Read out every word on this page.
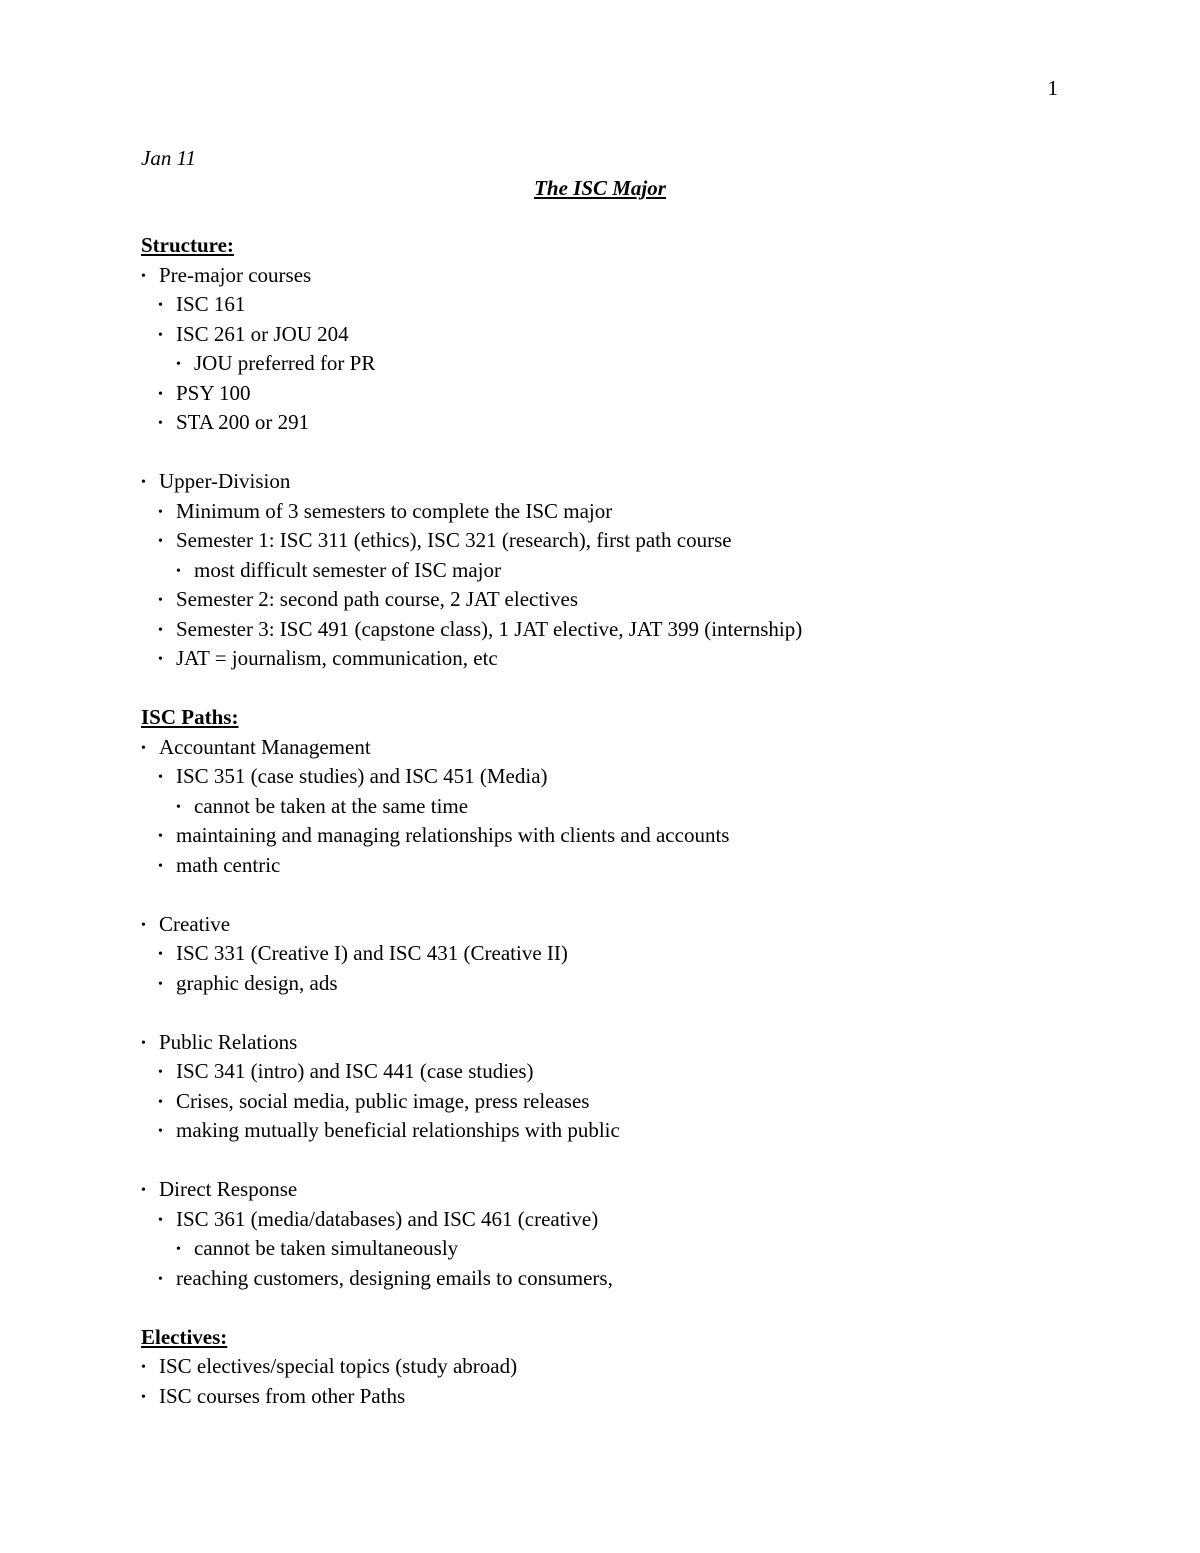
1
Jan 11
The ISC Major
Structure:
• Pre-major courses
• ISC 161
• ISC 261 or JOU 204
• JOU preferred for PR
• PSY 100
• STA 200 or 291
• Upper-Division
• Minimum of 3 semesters to complete the ISC major
• Semester 1: ISC 311 (ethics), ISC 321 (research), first path course
• most difficult semester of ISC major
• Semester 2: second path course, 2 JAT electives
• Semester 3: ISC 491 (capstone class), 1 JAT elective, JAT 399 (internship)
• JAT = journalism, communication, etc
ISC Paths:
• Accountant Management
• ISC 351 (case studies) and ISC 451 (Media)
• cannot be taken at the same time
• maintaining and managing relationships with clients and accounts
• math centric
• Creative
• ISC 331 (Creative I) and ISC 431 (Creative II)
• graphic design, ads
• Public Relations
• ISC 341 (intro) and ISC 441 (case studies)
• Crises, social media, public image, press releases
• making mutually beneficial relationships with public
• Direct Response
• ISC 361 (media/databases) and ISC 461 (creative)
• cannot be taken simultaneously
• reaching customers, designing emails to consumers,
Electives:
• ISC electives/special topics (study abroad)
• ISC courses from other Paths
